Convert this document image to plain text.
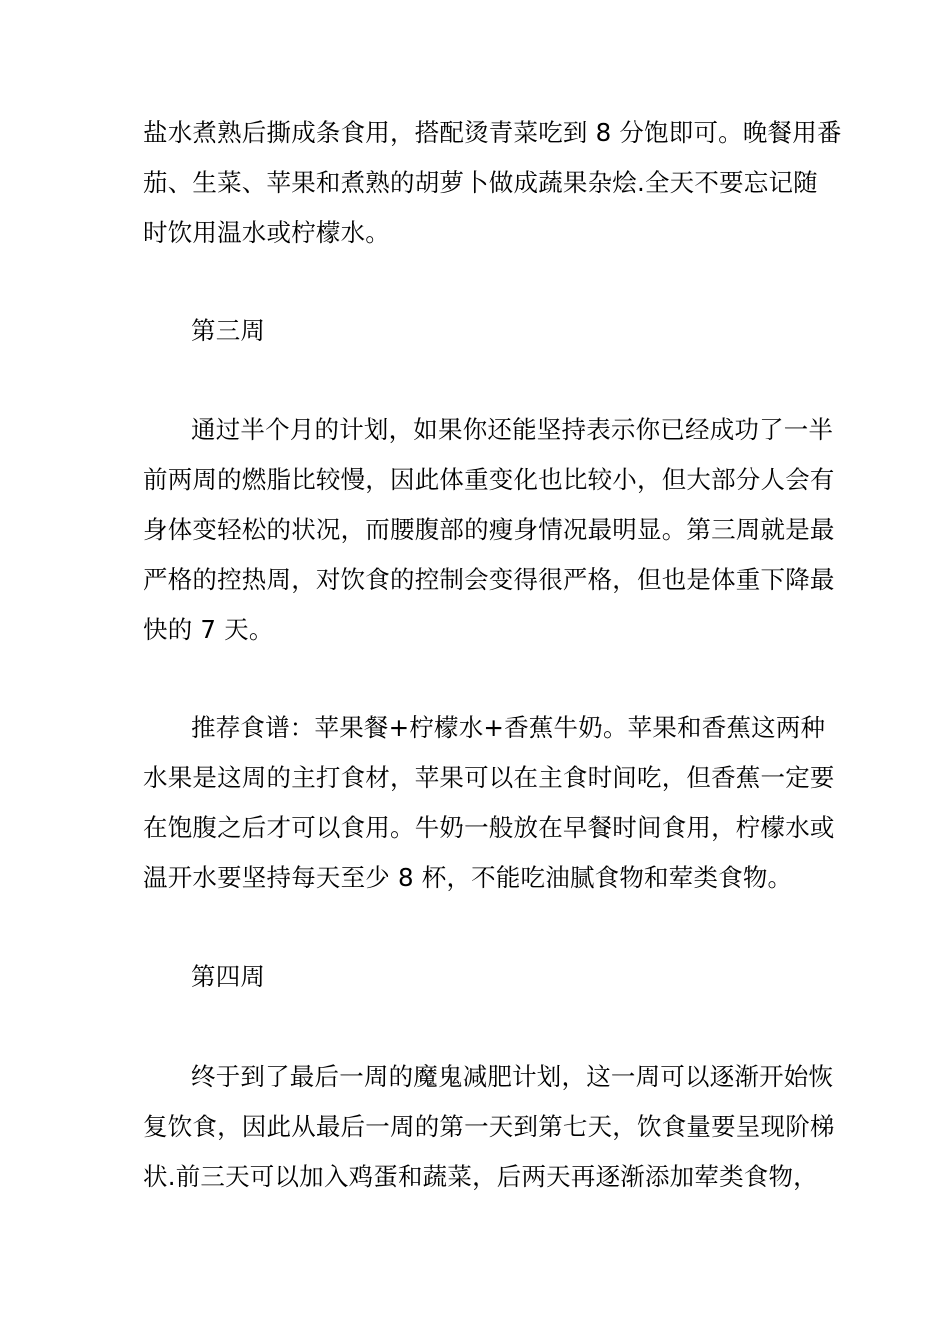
盐水煮熟后撕成条食用，搭配烫青菜吃到 8 分饱即可。晚餐用番
茄、生菜、苹果和煮熟的胡萝卜做成蔬果杂烩.全天不要忘记随
时饮用温水或柠檬水。
第三周
通过半个月的计划，如果你还能坚持表示你已经成功了一半
前两周的燃脂比较慢，因此体重变化也比较小，但大部分人会有
身体变轻松的状况，而腰腹部的瘦身情况最明显。第三周就是最
严格的控热周，对饮食的控制会变得很严格，但也是体重下降最
快的 7 天。
推荐食谱：苹果餐+柠檬水+香蕉牛奶。苹果和香蕉这两种
水果是这周的主打食材，苹果可以在主食时间吃，但香蕉一定要
在饱腹之后才可以食用。牛奶一般放在早餐时间食用，柠檬水或
温开水要坚持每天至少 8 杯，不能吃油腻食物和荤类食物。
第四周
终于到了最后一周的魔鬼减肥计划，这一周可以逐渐开始恢
复饮食，因此从最后一周的第一天到第七天，饮食量要呈现阶梯
状.前三天可以加入鸡蛋和蔬菜，后两天再逐渐添加荤类食物，
